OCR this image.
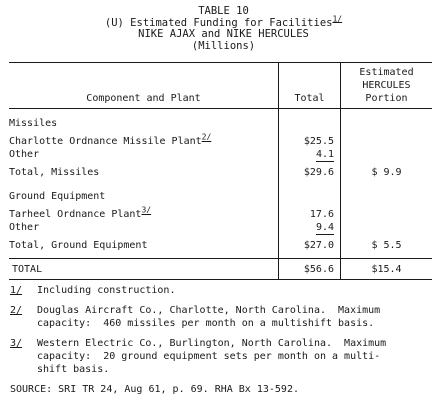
TABLE 10
(U) Estimated Funding for Facilities$^{1/}$
NIKE AJAX and NIKE HERCULES
(Millions)
Component and Plant	Total	Estimated
HERCULES
Portion

Missiles		

Charlotte Ordnance Missile Plant$^{2/}$	$25.5	
Other	4.1	

Total, Missiles	$29.6	$ 9.9

Ground Equipment		

Tarheel Ordnance Plant$^{3/}$	17.6	
Other	9.4	

Total, Ground Equipment	$27.0	$ 5.5

TOTAL	$56.6	$15.4
1/	Including construction.
2/	Douglas Aircraft Co., Charlotte, North Carolina.  Maximum
capacity:  460 missiles per month on a multishift basis.
3/	Western Electric Co., Burlington, North Carolina.  Maximum
capacity:  20 ground equipment sets per month on a multi-
shift basis.
SOURCE: SRI TR 24, Aug 61, p. 69. RHA Bx 13-592.
